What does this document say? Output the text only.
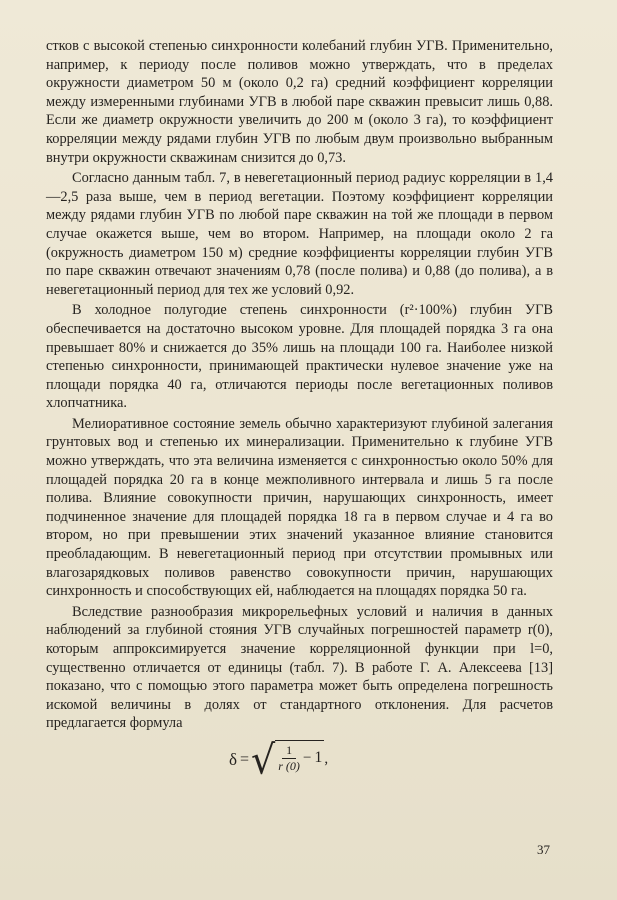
стков с высокой степенью синхронности колебаний глубин УГВ. Применительно, например, к периоду после поливов можно утверждать, что в пределах окружности диаметром 50 м (около 0,2 га) средний коэффициент корреляции между измеренными глубинами УГВ в любой паре скважин превысит лишь 0,88. Если же диаметр окружности увеличить до 200 м (около 3 га), то коэффициент корреляции между рядами глубин УГВ по любым двум произвольно выбранным внутри окружности скважинам снизится до 0,73.

Согласно данным табл. 7, в невегетационный период радиус корреляции в 1,4—2,5 раза выше, чем в период вегетации. Поэтому коэффициент корреляции между рядами глубин УГВ по любой паре скважин на той же площади в первом случае окажется выше, чем во втором. Например, на площади около 2 га (окружность диаметром 150 м) средние коэффициенты корреляции глубин УГВ по паре скважин отвечают значениям 0,78 (после полива) и 0,88 (до полива), а в невегетационный период для тех же условий 0,92.

В холодное полугодие степень синхронности (r²·100%) глубин УГВ обеспечивается на достаточно высоком уровне. Для площадей порядка 3 га она превышает 80% и снижается до 35% лишь на площади 100 га. Наиболее низкой степенью синхронности, принимающей практически нулевое значение уже на площади порядка 40 га, отличаются периоды после вегетационных поливов хлопчатника.

Мелиоративное состояние земель обычно характеризуют глубиной залегания грунтовых вод и степенью их минерализации. Применительно к глубине УГВ можно утверждать, что эта величина изменяется с синхронностью около 50% для площадей порядка 20 га в конце межполивного интервала и лишь 5 га после полива. Влияние совокупности причин, нарушающих синхронность, имеет подчиненное значение для площадей порядка 18 га в первом случае и 4 га во втором, но при превышении этих значений указанное влияние становится преобладающим. В невегетационный период при отсутствии промывных или влагозарядковых поливов равенство совокупности причин, нарушающих синхронность и способствующих ей, наблюдается на площадях порядка 50 га.

Вследствие разнообразия микрорельефных условий и наличия в данных наблюдений за глубиной стояния УГВ случайных погрешностей параметр r(0), которым аппроксимируется значение корреляционной функции при l=0, существенно отличается от единицы (табл. 7). В работе Г. А. Алексеева [13] показано, что с помощью этого параметра может быть определена погрешность искомой величины в долях от стандартного отклонения. Для расчетов предлагается формула

δ = √ $\frac{1}{r (0)} - 1$ ,
37
